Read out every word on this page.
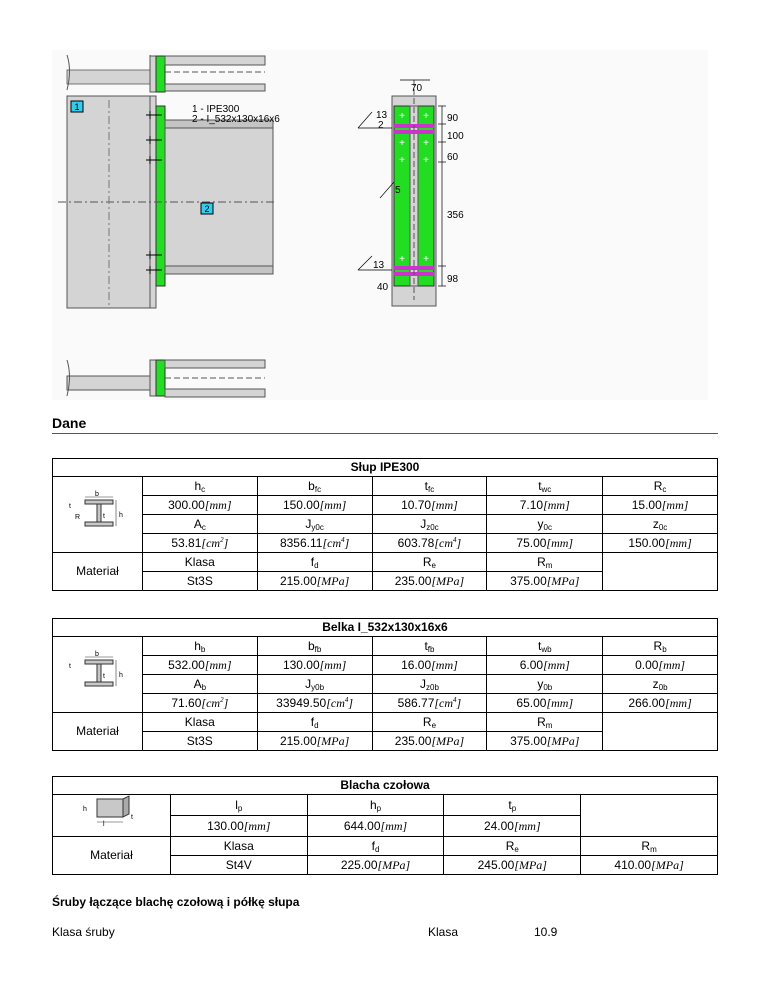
1
2
1 - IPE300
2 - I_532x130x16x6	+ +
+ +
+ +
+ +
70
13
2
90
100
60
356
5
13
98
40
Dane
Słup IPE300					

b
t
h
R t	$h_c$	$b_{fc}$	$t_{fc}$	$t_{wc}$	$R_c$
	300.00[mm]	150.00[mm]	10.70[mm]	7.10[mm]	15.00[mm]
	$A_c$	$J_{y0c}$	$J_{z0c}$	$y_{0c}$	$z_{0c}$
	$53.81[cm^2]$	$8356.11[cm^4]$	$603.78[cm^4]$	75.00[mm]	150.00[mm]
Materiał	Klasa	$f_d$	$R_e$	$R_m$	
	St3S	215.00[MPa]	235.00[MPa]	375.00[MPa]	
Belka I_532x130x16x6					

b
t
h
t	$h_b$	$b_{fb}$	$t_{fb}$	$t_{wb}$	$R_b$
	532.00[mm]	130.00[mm]	16.00[mm]	6.00[mm]	0.00[mm]
	$A_b$	$J_{y0b}$	$J_{z0b}$	$y_{0b}$	$z_{0b}$
	$71.60[cm^2]$	$33949.50[cm^4]$	$586.77[cm^4]$	65.00[mm]	266.00[mm]
Materiał	Klasa	$f_d$	$R_e$	$R_m$	
	St3S	215.00[MPa]	235.00[MPa]	375.00[MPa]	
Blacha czołowa				

h
l
t	$l_p$	$h_p$	$t_p$	
	130.00[mm]	644.00[mm]	24.00[mm]	
Materiał	Klasa	$f_d$	$R_e$	$R_m$
	St4V	225.00[MPa]	245.00[MPa]	410.00[MPa]
Śruby łączące blachę czołową i półkę słupa
Klasa śruby	Klasa	10.9
